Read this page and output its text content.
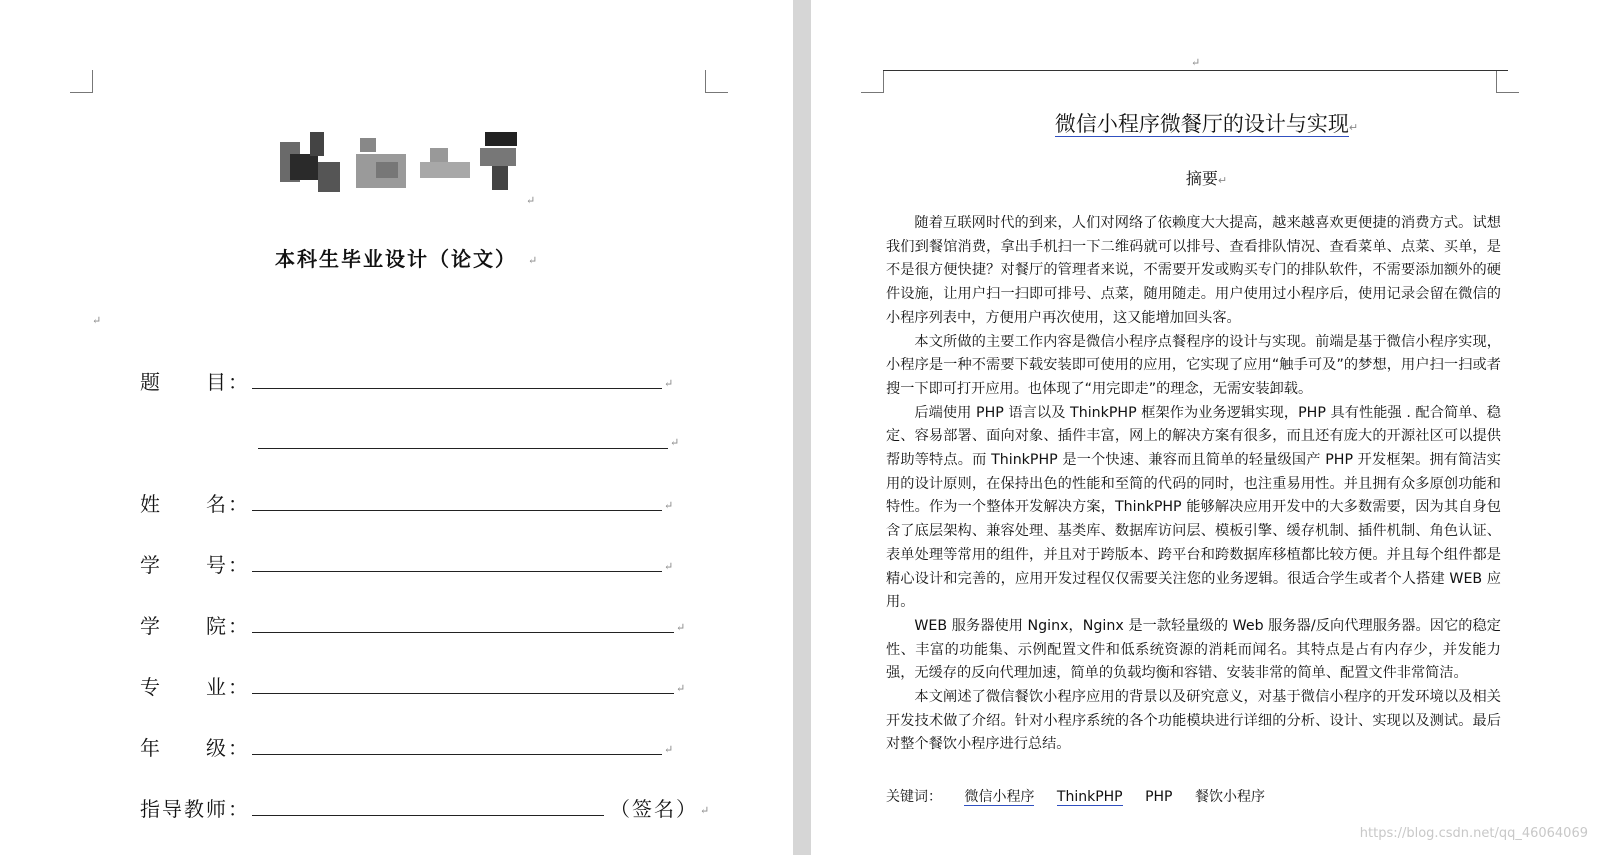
↵
本科生毕业设计（论文）
↵
↵
题　　目：
↵
↵
姓　　名：
↵
学　　号：
↵
学　　院：
↵
专　　业：
↵
年　　级：
↵
指导教师：	（签名）
↵
↵
微信小程序微餐厅的设计与实现 ↵
摘要 ↵

随着互联网时代的到来，人们对网络了依赖度大大提高，越来越喜欢更便捷的消费方式。试想我们到餐馆消费，拿出手机扫一下二维码就可以排号、查看排队情况、查看菜单、点菜、买单，是不是很方便快捷？对餐厅的管理者来说，不需要开发或购买专门的排队软件，不需要添加额外的硬件设施，让用户扫一扫即可排号、点菜，随用随走。用户使用过小程序后，使用记录会留在微信的小程序列表中，方便用户再次使用，这又能增加回头客。

本文所做的主要工作内容是微信小程序点餐程序的设计与实现。前端是基于微信小程序实现，小程序是一种不需要下载安装即可使用的应用，它实现了应用“触手可及”的梦想，用户扫一扫或者搜一下即可打开应用。也体现了“用完即走”的理念，无需安装卸载。

后端使用 PHP 语言以及 ThinkPHP 框架作为业务逻辑实现，PHP 具有性能强 . 配合简单、稳定、容易部署、面向对象、插件丰富，网上的解决方案有很多，而且还有庞大的开源社区可以提供帮助等特点。而 ThinkPHP 是一个快速、兼容而且简单的轻量级国产 PHP 开发框架。拥有简洁实用的设计原则，在保持出色的性能和至简的代码的同时，也注重易用性。并且拥有众多原创功能和特性。作为一个整体开发解决方案，ThinkPHP 能够解决应用开发中的大多数需要，因为其自身包含了底层架构、兼容处理、基类库、数据库访问层、模板引擎、缓存机制、插件机制、角色认证、表单处理等常用的组件，并且对于跨版本、跨平台和跨数据库移植都比较方便。并且每个组件都是精心设计和完善的，应用开发过程仅仅需要关注您的业务逻辑。很适合学生或者个人搭建 WEB 应用。

WEB 服务器使用 Nginx，Nginx 是一款轻量级的 Web 服务器/反向代理服务器。因它的稳定性、丰富的功能集、示例配置文件和低系统资源的消耗而闻名。其特点是占有内存少，并发能力强，无缓存的反向代理加速，简单的负载均衡和容错、安装非常的简单、配置文件非常简洁。

本文阐述了微信餐饮小程序应用的背景以及研究意义，对基于微信小程序的开发环境以及相关开发技术做了介绍。针对小程序系统的各个功能模块进行详细的分析、设计、实现以及测试。最后对整个餐饮小程序进行总结。

关键词： 微信小程序 ThinkPHP PHP 餐饮小程序
https://blog.csdn.net/qq_46064069
